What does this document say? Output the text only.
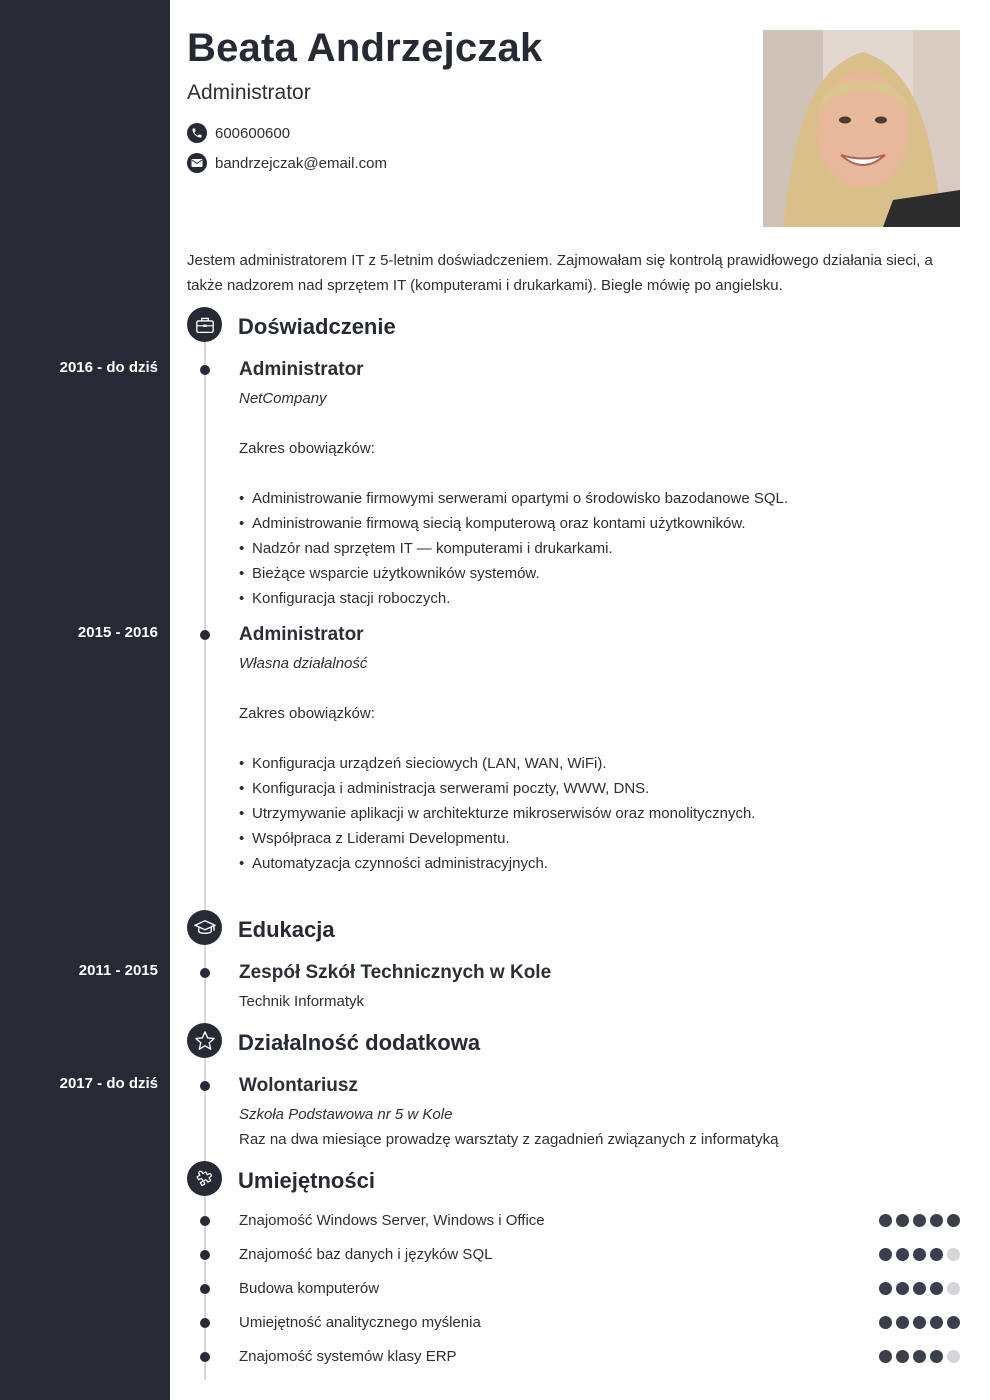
Beata Andrzejczak
Administrator
600600600
bandrzejczak@email.com
Jestem administratorem IT z 5-letnim doświadczeniem. Zajmowałam się kontrolą prawidłowego działania sieci, a także nadzorem nad sprzętem IT (komputerami i drukarkami). Biegle mówię po angielsku.
Doświadczenie
2016 - do dziś	Administrator
NetCompany
Zakres obowiązków:
• Administrowanie firmowymi serwerami opartymi o środowisko bazodanowe SQL.
• Administrowanie firmową siecią komputerową oraz kontami użytkowników.
• Nadzór nad sprzętem IT — komputerami i drukarkami.
• Bieżące wsparcie użytkowników systemów.
• Konfiguracja stacji roboczych.
2015 - 2016	Administrator
Własna działalność
Zakres obowiązków:
• Konfiguracja urządzeń sieciowych (LAN, WAN, WiFi).
• Konfiguracja i administracja serwerami poczty, WWW, DNS.
• Utrzymywanie aplikacji w architekturze mikroserwisów oraz monolitycznych.
• Współpraca z Liderami Developmentu.
• Automatyzacja czynności administracyjnych.
Edukacja
2011 - 2015	Zespół Szkół Technicznych w Kole
Technik Informatyk
Działalność dodatkowa
2017 - do dziś	Wolontariusz
Szkoła Podstawowa nr 5 w Kole
Raz na dwa miesiące prowadzę warsztaty z zagadnień związanych z informatyką
Umiejętności
Znajomość Windows Server, Windows i Office
Znajomość baz danych i języków SQL
Budowa komputerów
Umiejętność analitycznego myślenia
Znajomość systemów klasy ERP
